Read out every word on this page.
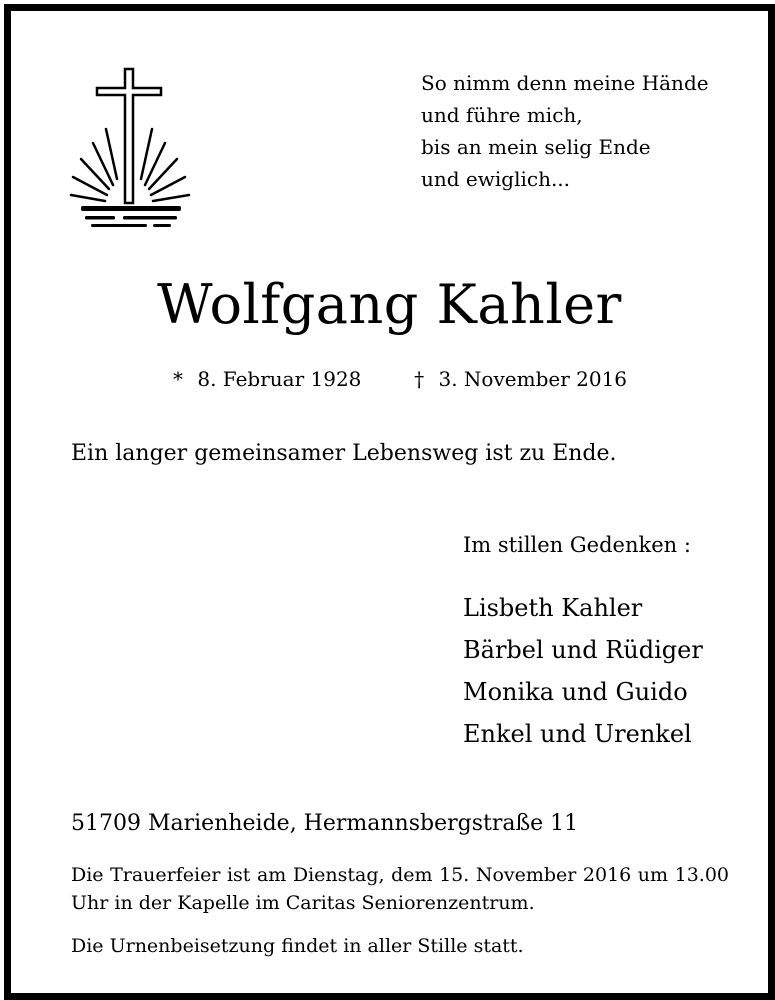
So nimm denn meine Hände
und führe mich,
bis an mein selig Ende
und ewiglich...
Wolfgang Kahler
* 8. Februar 1928	† 3. November 2016
Ein langer gemeinsamer Lebensweg ist zu Ende.
Im stillen Gedenken :
Lisbeth Kahler
Bärbel und Rüdiger
Monika und Guido
Enkel und Urenkel
51709 Marienheide, Hermannsbergstraße 11
Die Trauerfeier ist am Dienstag, dem 15. November 2016 um 13.00 Uhr in der Kapelle im Caritas Seniorenzentrum.
Die Urnenbeisetzung findet in aller Stille statt.
